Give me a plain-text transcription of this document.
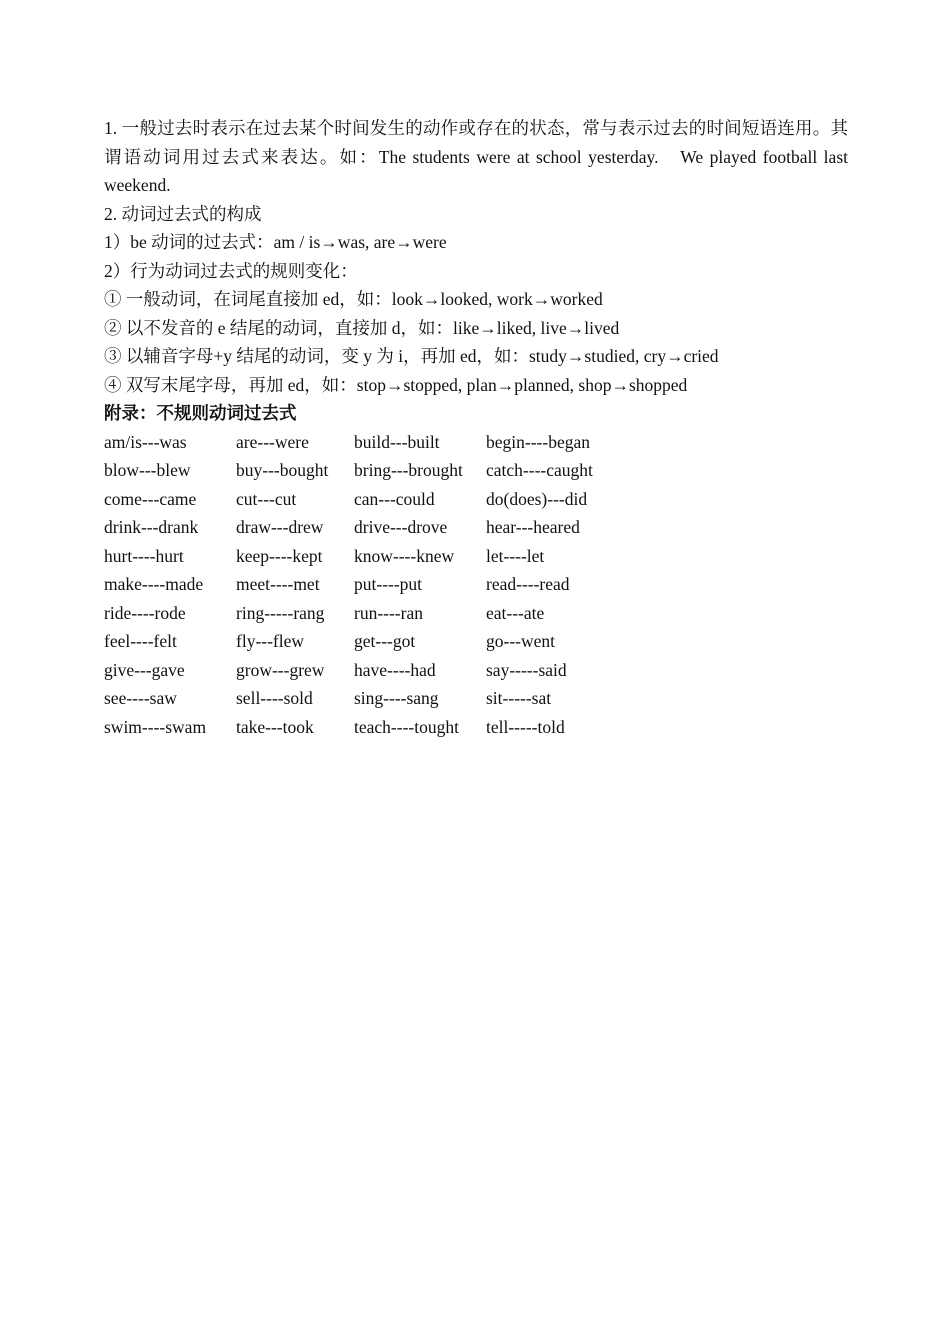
1. 一般过去时表示在过去某个时间发生的动作或存在的状态，常与表示过去的时间短语连用。其谓语动词用过去式来表达。如：The students were at school yesterday.　We played football last weekend.
2. 动词过去式的构成
1）be 动词的过去式：am / is→was, are→were
2）行为动词过去式的规则变化：
① 一般动词，在词尾直接加 ed，如：look→looked, work→worked
② 以不发音的 e 结尾的动词，直接加 d，如：like→liked, live→lived
③ 以辅音字母+y 结尾的动词，变 y 为 i，再加 ed，如：study→studied, cry→cried
④ 双写末尾字母，再加 ed，如：stop→stopped, plan→planned, shop→shopped
附录：不规则动词过去式
am/is---was	are---were	build---built	begin----began
blow---blew	buy---bought bring---brought catch----caught
come---came cut---cut	can---could	do(does)---did
drink---drank draw---drew drive---drove hear---heared
hurt----hurt	keep----kept know----knew let----let
make----made meet----met put----put	read----read
ride----rode	ring-----rang run----ran	eat---ate
feel----felt	fly---flew	get---got	go---went
give---gave	grow---grew have----had	say-----said
see----saw	sell----sold sing----sang	sit-----sat
swim----swam take---took teach----tought tell-----told
